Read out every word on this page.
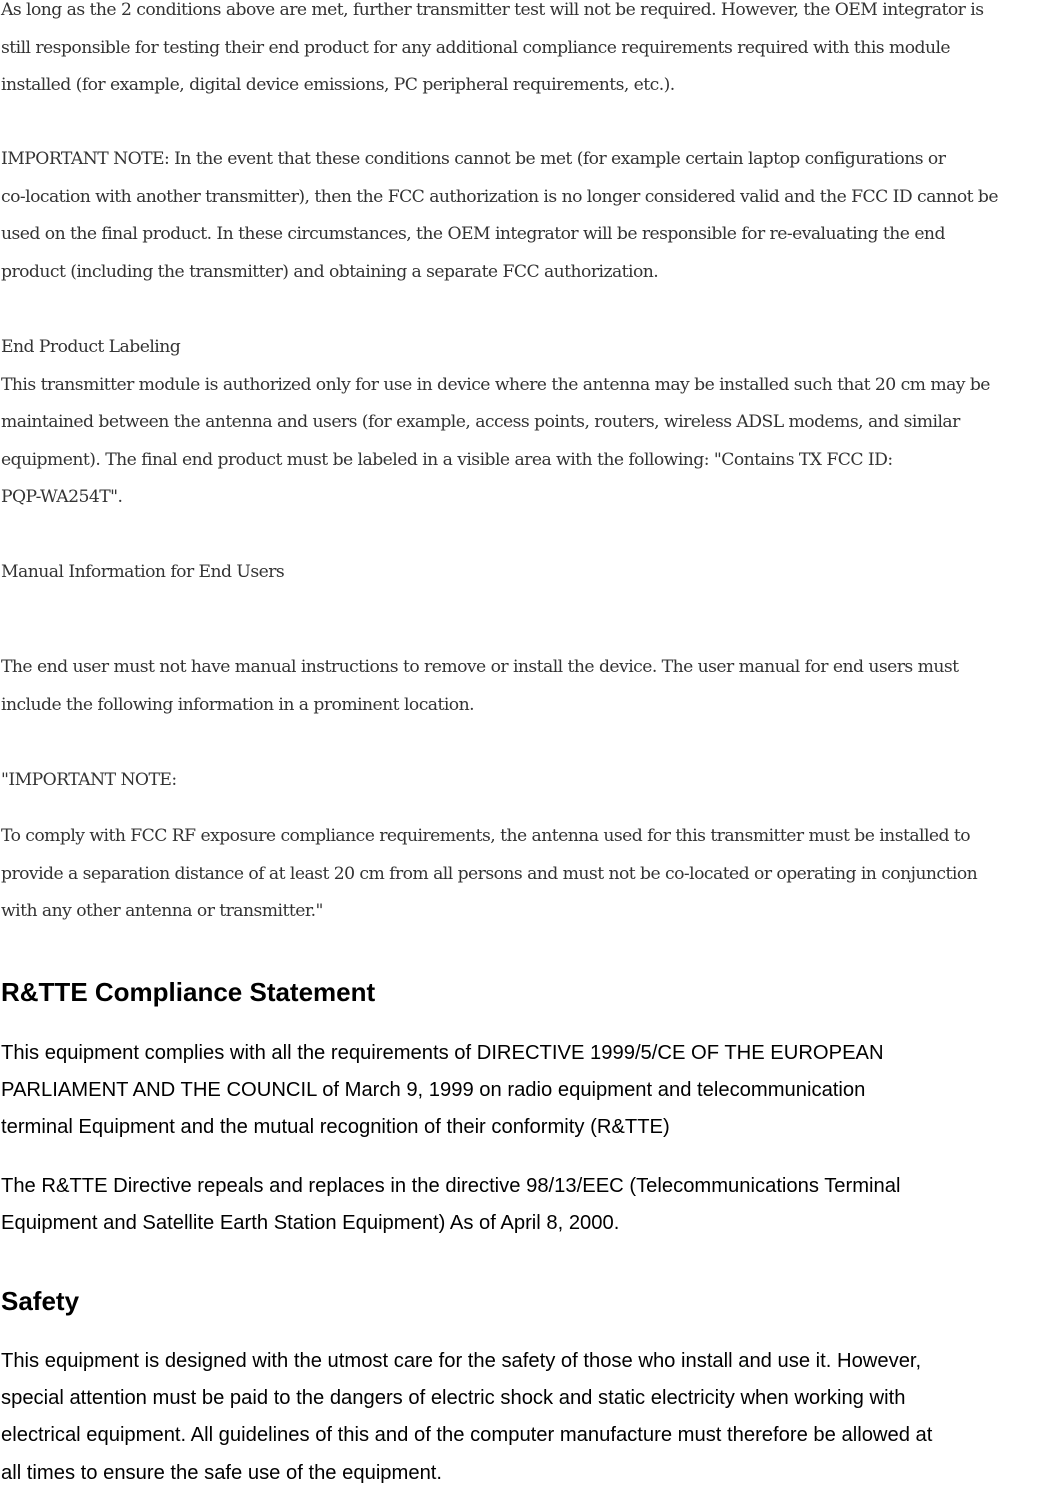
As long as the 2 conditions above are met, further transmitter test will not be required. However, the OEM integrator is
still responsible for testing their end product for any additional compliance requirements required with this module
installed (for example, digital device emissions, PC peripheral requirements, etc.).

IMPORTANT NOTE: In the event that these conditions cannot be met (for example certain laptop configurations or
co-location with another transmitter), then the FCC authorization is no longer considered valid and the FCC ID cannot be
used on the final product. In these circumstances, the OEM integrator will be responsible for re-evaluating the end
product (including the transmitter) and obtaining a separate FCC authorization.

End Product Labeling
This transmitter module is authorized only for use in device where the antenna may be installed such that 20 cm may be
maintained between the antenna and users (for example, access points, routers, wireless ADSL modems, and similar
equipment). The final end product must be labeled in a visible area with the following: "Contains TX FCC ID:
PQP-WA254T".

Manual Information for End Users

The end user must not have manual instructions to remove or install the device. The user manual for end users must
include the following information in a prominent location.

"IMPORTANT NOTE:

To comply with FCC RF exposure compliance requirements, the antenna used for this transmitter must be installed to
provide a separation distance of at least 20 cm from all persons and must not be co-located or operating in conjunction
with any other antenna or transmitter."

R&TTE Compliance Statement

This equipment complies with all the requirements of DIRECTIVE 1999/5/CE OF THE EUROPEAN
PARLIAMENT AND THE COUNCIL of March 9, 1999 on radio equipment and telecommunication
terminal Equipment and the mutual recognition of their conformity (R&TTE)

The R&TTE Directive repeals and replaces in the directive 98/13/EEC (Telecommunications Terminal
Equipment and Satellite Earth Station Equipment) As of April 8, 2000.

Safety

This equipment is designed with the utmost care for the safety of those who install and use it. However,
special attention must be paid to the dangers of electric shock and static electricity when working with
electrical equipment. All guidelines of this and of the computer manufacture must therefore be allowed at
all times to ensure the safe use of the equipment.
